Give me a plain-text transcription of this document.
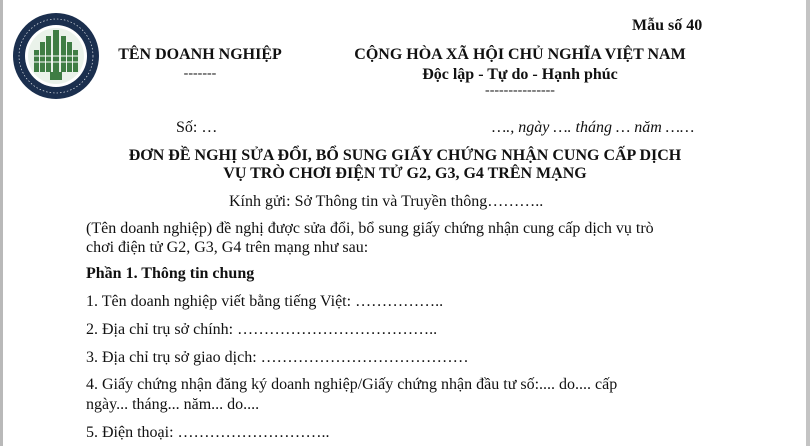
Mẫu số 40
TÊN DOANH NGHIỆP
-------
CỘNG HÒA XÃ HỘI CHỦ NGHĨA VIỆT NAM
Độc lập - Tự do - Hạnh phúc
---------------
Số: …	…., ngày …. tháng … năm ……
ĐƠN ĐỀ NGHỊ SỬA ĐỔI, BỔ SUNG GIẤY CHỨNG NHẬN CUNG CẤP DỊCH
VỤ TRÒ CHƠI ĐIỆN TỬ G2, G3, G4 TRÊN MẠNG
Kính gửi: Sở Thông tin và Truyền thông………..
(Tên doanh nghiệp) đề nghị được sửa đổi, bổ sung giấy chứng nhận cung cấp dịch vụ trò
chơi điện tử G2, G3, G4 trên mạng như sau:
Phần 1. Thông tin chung
1. Tên doanh nghiệp viết bằng tiếng Việt: ……………..
2. Địa chỉ trụ sở chính: ………………………………..
3. Địa chỉ trụ sở giao dịch: …………………………………
4. Giấy chứng nhận đăng ký doanh nghiệp/Giấy chứng nhận đầu tư số:.... do.... cấp
ngày... tháng... năm... do....
5. Điện thoại: ………………………..
